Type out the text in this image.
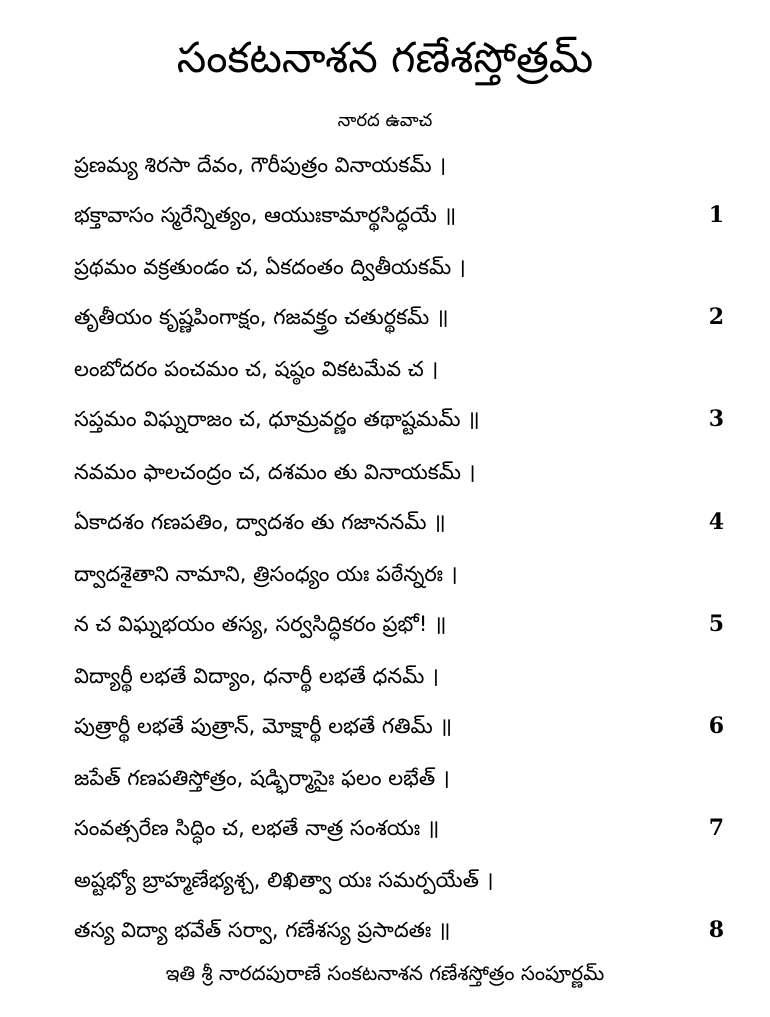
సంకటనాశన గణేశస్తోత్రమ్
నారద ఉవాచ
ప్రణమ్య శిరసా దేవం, గౌరీపుత్రం వినాయకమ్ ।
భక్తావాసం స్మరేన్నిత్యం, ఆయుఃకామార్థసిద్ధయే ॥	1
ప్రథమం వక్రతుండం చ, ఏకదంతం ద్వితీయకమ్ ।
తృతీయం కృష్ణపింగాక్షం, గజవక్త్రం చతుర్థకమ్ ॥	2
లంబోదరం పంచమం చ, షష్ఠం వికటమేవ చ ।
సప్తమం విఘ్నరాజం చ, ధూమ్రవర్ణం తథాష్టమమ్ ॥	3
నవమం ఫాలచంద్రం చ, దశమం తు వినాయకమ్ ।
ఏకాదశం గణపతిం, ద్వాదశం తు గజాననమ్ ॥	4
ద్వాదశైతాని నామాని, త్రిసంధ్యం యః పఠేన్నరః ।
న చ విఘ్నభయం తస్య, సర్వసిద్ధికరం ప్రభో! ॥	5
విద్యార్థీ లభతే విద్యాం, ధనార్థీ లభతే ధనమ్ ।
పుత్రార్థీ లభతే పుత్రాన్, మోక్షార్థీ లభతే గతిమ్ ॥	6
జపేత్ గణపతిస్తోత్రం, షడ్భిర్మాసైః ఫలం లభేత్ ।
సంవత్సరేణ సిద్ధిం చ, లభతే నాత్ర సంశయః ॥	7
అష్టభ్యో బ్రాహ్మణేభ్యశ్చ, లిఖిత్వా యః సమర్పయేత్ ।
తస్య విద్యా భవేత్ సర్వా, గణేశస్య ప్రసాదతః ॥	8
ఇతి శ్రీ నారదపురాణే సంకటనాశన గణేశస్తోత్రం సంపూర్ణమ్
